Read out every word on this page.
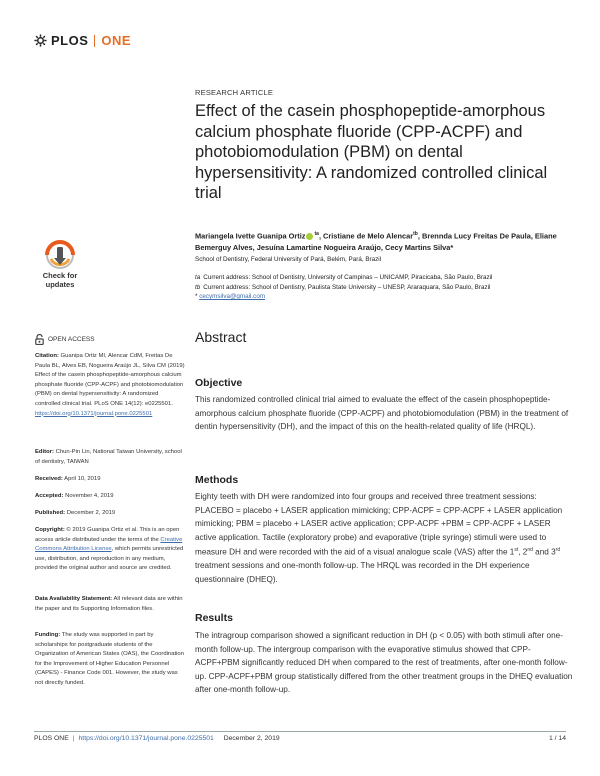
PLOS ONE
RESEARCH ARTICLE
Effect of the casein phosphopeptide-amorphous calcium phosphate fluoride (CPP-ACPF) and photobiomodulation (PBM) on dental hypersensitivity: A randomized controlled clinical trial
Mariangela Ivette Guanipa Ortiz $^{ta}$, Cristiane de Melo Alencar$^{tb}$, Brennda Lucy Freitas De Paula, Eliane Bemerguy Alves, Jesuína Lamartine Nogueira Araújo, Cecy Martins Silva*
School of Dentistry, Federal University of Pará, Belém, Pará, Brazil
ta Current address: School of Dentistry, University of Campinas – UNICAMP, Piracicaba, São Paulo, Brazil
tb Current address: School of Dentistry, Paulista State University – UNESP, Araraquara, São Paulo, Brazil
* cecymsilva@gmail.com
Check for updates
OPEN ACCESS
Citation: Guanipa Ortiz MI, Alencar CdM, Freitas De Paula BL, Alves EB, Nogueira Araújo JL, Silva CM (2019) Effect of the casein phosphopeptide-amorphous calcium phosphate fluoride (CPP-ACPF) and photobiomodulation (PBM) on dental hypersensitivity: A randomized controlled clinical trial. PLoS ONE 14(12): e0225501. https://doi.org/10.1371/journal.pone.0225501
Editor: Chun-Pin Lin, National Taiwan University, school of dentistry, TAIWAN
Received: April 10, 2019
Accepted: November 4, 2019
Published: December 2, 2019
Copyright: © 2019 Guanipa Ortiz et al. This is an open access article distributed under the terms of the Creative Commons Attribution License, which permits unrestricted use, distribution, and reproduction in any medium, provided the original author and source are credited.
Data Availability Statement: All relevant data are within the paper and its Supporting Information files.
Funding: The study was supported in part by scholarships for postgraduate students of the Organization of American States (OAS), the Coordination for the Improvement of Higher Education Personnel (CAPES) - Finance Code 001. However, the study was not directly funded.
Abstract
Objective
This randomized controlled clinical trial aimed to evaluate the effect of the casein phosphopeptide-amorphous calcium phosphate fluoride (CPP-ACPF) and photobiomodulation (PBM) in the treatment of dentin hypersensitivity (DH), and the impact of this on the health-related quality of life (HRQL).
Methods
Eighty teeth with DH were randomized into four groups and received three treatment sessions: PLACEBO = placebo + LASER application mimicking; CPP-ACPF = CPP-ACPF + LASER application mimicking; PBM = placebo + LASER active application; CPP-ACPF +PBM = CPP-ACPF + LASER active application. Tactile (exploratory probe) and evaporative (triple syringe) stimuli were used to measure DH and were recorded with the aid of a visual analogue scale (VAS) after the 1st, 2nd and 3rd treatment sessions and one-month follow-up. The HRQL was recorded in the DH experience questionnaire (DHEQ).
Results
The intragroup comparison showed a significant reduction in DH (p < 0.05) with both stimuli after one-month follow-up. The intergroup comparison with the evaporative stimulus showed that CPP-ACPF+PBM significantly reduced DH when compared to the rest of treatments, after one-month follow-up. CPP-ACPF+PBM group statistically differed from the other treatment groups in the DHEQ evaluation after one-month follow-up.
PLOS ONE | https://doi.org/10.1371/journal.pone.0225501 December 2, 2019	1 / 14
